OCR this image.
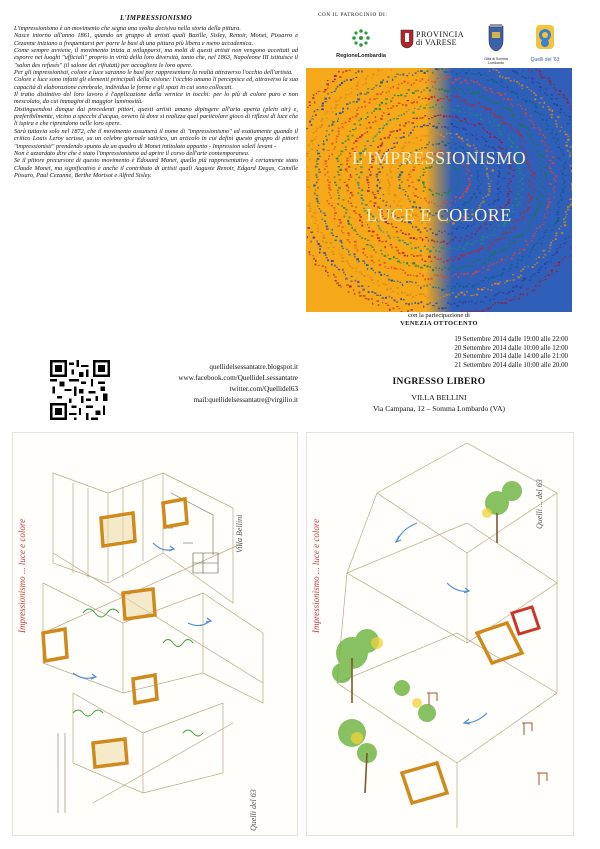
L'IMPRESSIONISMO

L'impressionismo è un movimento che segna una svolta decisiva nella storia della pittura.

Nasce intorno all'anno 1861, quando un gruppo di artisti quali Bazille, Sisley, Renoir, Monet, Pissarro e Cezanne iniziano a frequentarsi per porre le basi di una pittura più libera e meno accademica.

Come sempre avviene, il movimento inizia a svilupparsi, ma molti di questi artisti non vengono accettati ad esporre nei luoghi "ufficiali" proprio in virtù della loro diversità, tanto che, nel 1863, Napoleone III istituisce il "salon des refusés" (il salone dei rifiutati) per accogliere le loro opere.

Per gli impressionisti, colore e luce saranno le basi per rappresentare la realtà attraverso l'occhio dell'artista.

Colore e luce sono infatti gli elementi principali della visione: l'occhio umano li percepisce ed, attraverso la sua capacità di elaborazione cerebrale, individua le forme e gli spazi in cui sono collocati.

Il tratto distintivo del loro lavoro è l'applicazione della vernice in tocchi: per lo più di colore puro e non mescolato, da cui immagini di maggior luminosità.

Distinguendosi dunque dai precedenti pittori, questi artisti amano dipingere all'aria aperta (plein air) e, preferibilmente, vicino a specchi d'acqua, ovvero là dove si realizza quel particolare gioco di riflessi di luce che li ispira e che riprendono nelle loro opere.

Sarà tuttavia solo nel 1872, che il movimento assumerà il nome di "impressionismo" ed esattamente quando il critico Louis Leroy scrisse, su un celebre giornale satirico, un articolo in cui definì questo gruppo di pittori "impressionisti" prendendo spunto da un quadro di Monet intitolato appunto - Impression soleil levant -

Non è azzardato dire che è stato l'impressionismo ad aprire il corso dell'arte contemporanea.

Se il pittore precursore di questo movimento è Édouard Manet, quello più rappresentativo è certamente stato Claude Monet, ma significativo è anche il contributo di artisti quali Auguste Renoir, Edgard Degas, Camille Pissaro, Paul Cezanne, Berthe Morisot e Alfred Sisley.

quellidelsessantatre.blogspot.it
www.facebook.com/QuellideLsessantatre
twitter.com/Quellidel63
mail:quellidelsessantatre@virgilio.it
CON IL PATROCINIO DI:
RegioneLombardia
PROVINCIA
di VARESE
Città di Somma Lombardo	Quelli del '63
L'IMPRESSIONISMO
LUCE E COLORE
con la partecipazione di
VENEZIA OTTOCENTO
19 Settembre 2014 dalle 19:00 alle 22:00
20 Settembre 2014 dalle 10:00 alle 12:00
20 Settembre 2014 dalle 14:00 alle 21:00
21 Settembre 2014 dalle 10:00 alle 20.00
INGRESSO LIBERO
VILLA BELLINI
Via Campana, 12 – Somma Lombardo (VA)
Impressionismo ... luce e colore	Villa Bellini
Quelli del 63
Impressionismo ... luce e colore
Quelli ... del 63
